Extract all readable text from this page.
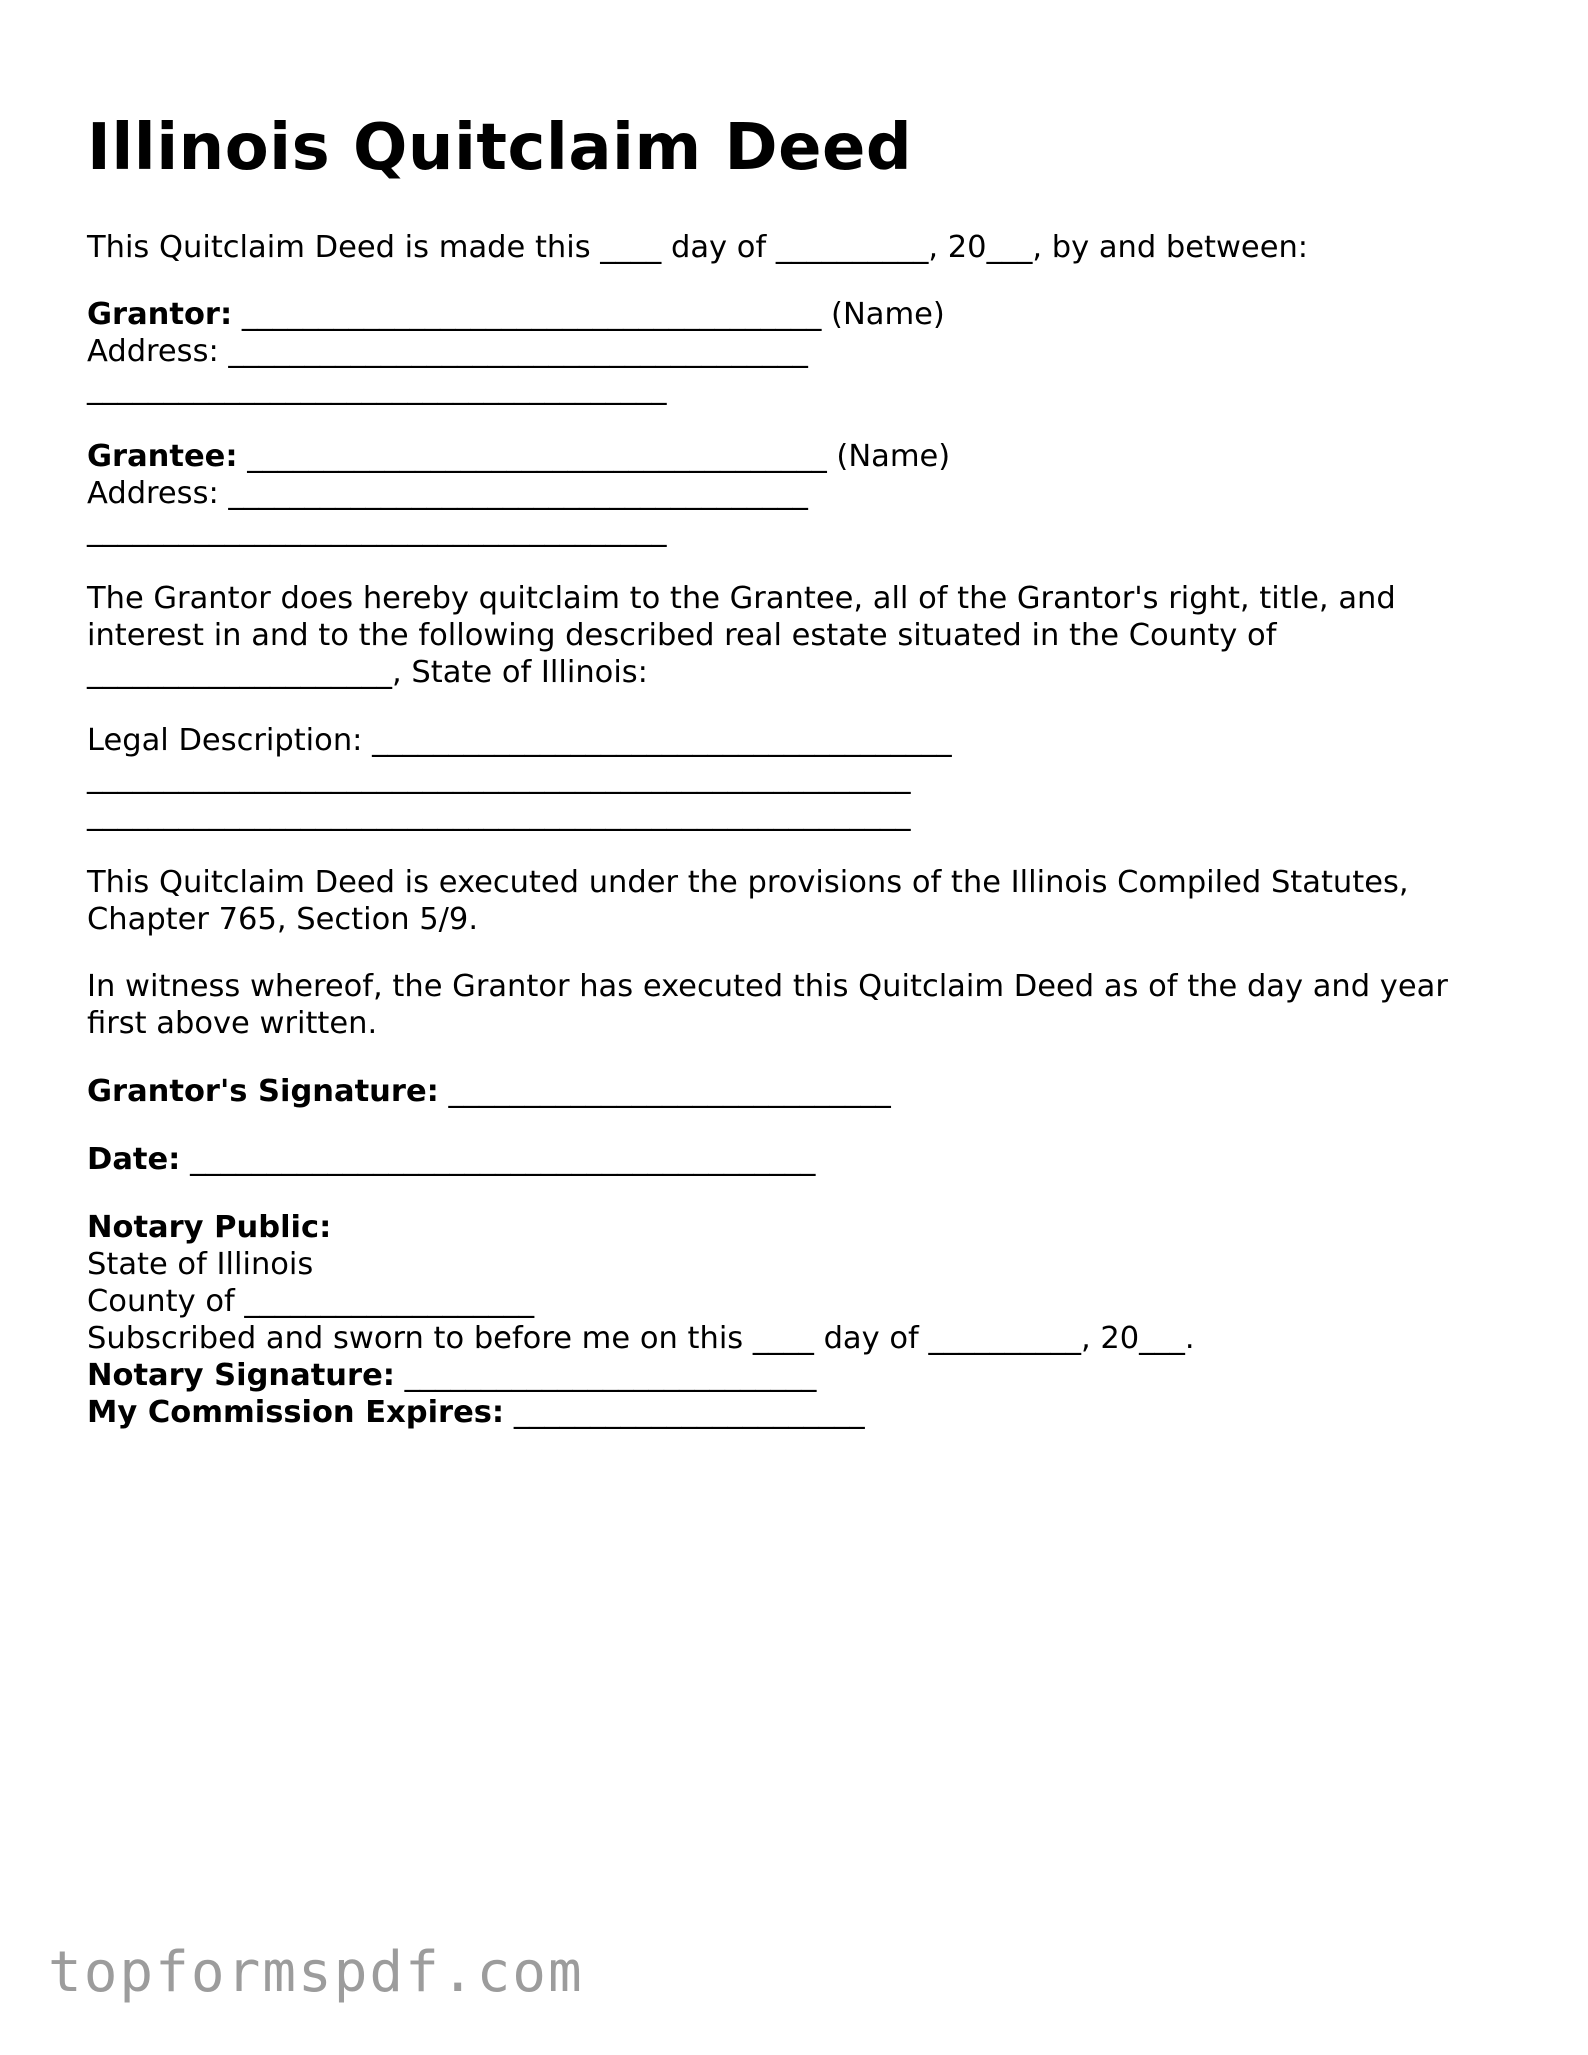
Illinois Quitclaim Deed
This Quitclaim Deed is made this ____ day of __________, 20___, by and between:
Grantor: ______________________________________ (Name)
Address: ______________________________________
______________________________________
Grantee: ______________________________________ (Name)
Address: ______________________________________
______________________________________
The Grantor does hereby quitclaim to the Grantee, all of the Grantor's right, title, and
interest in and to the following described real estate situated in the County of
____________________, State of Illinois:
Legal Description: ______________________________________
______________________________________________________
______________________________________________________
This Quitclaim Deed is executed under the provisions of the Illinois Compiled Statutes,
Chapter 765, Section 5/9.
In witness whereof, the Grantor has executed this Quitclaim Deed as of the day and year
first above written.
Grantor's Signature: _____________________________
Date: _________________________________________
Notary Public:
State of Illinois
County of ___________________
Subscribed and sworn to before me on this ____ day of __________, 20___.
Notary Signature: ___________________________
My Commission Expires: _______________________
topformspdf.com
